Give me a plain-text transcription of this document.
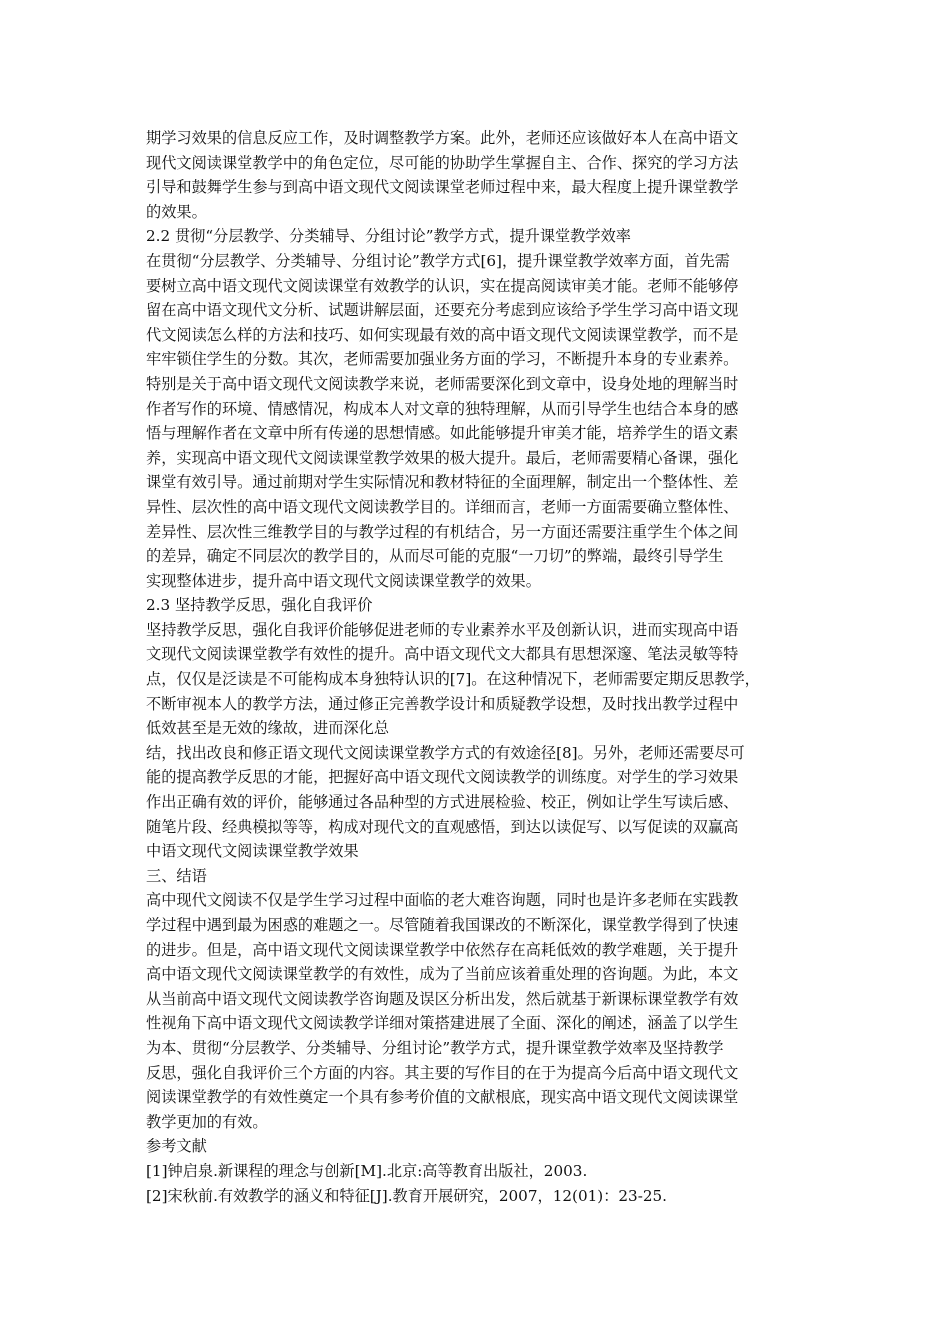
期学习效果的信息反应工作，及时调整教学方案。此外，老师还应该做好本人在高中语文
现代文阅读课堂教学中的角色定位，尽可能的协助学生掌握自主、合作、探究的学习方法
引导和鼓舞学生参与到高中语文现代文阅读课堂老师过程中来，最大程度上提升课堂教学
的效果。
2.2 贯彻“分层教学、分类辅导、分组讨论”教学方式，提升课堂教学效率
在贯彻“分层教学、分类辅导、分组讨论”教学方式[6]，提升课堂教学效率方面，首先需
要树立高中语文现代文阅读课堂有效教学的认识，实在提高阅读审美才能。老师不能够停
留在高中语文现代文分析、试题讲解层面，还要充分考虑到应该给予学生学习高中语文现
代文阅读怎么样的方法和技巧、如何实现最有效的高中语文现代文阅读课堂教学，而不是
牢牢锁住学生的分数。其次，老师需要加强业务方面的学习，不断提升本身的专业素养。
特别是关于高中语文现代文阅读教学来说，老师需要深化到文章中，设身处地的理解当时
作者写作的环境、情感情况，构成本人对文章的独特理解，从而引导学生也结合本身的感
悟与理解作者在文章中所有传递的思想情感。如此能够提升审美才能，培养学生的语文素
养，实现高中语文现代文阅读课堂教学效果的极大提升。最后，老师需要精心备课，强化
课堂有效引导。通过前期对学生实际情况和教材特征的全面理解，制定出一个整体性、差
异性、层次性的高中语文现代文阅读教学目的。详细而言，老师一方面需要确立整体性、
差异性、层次性三维教学目的与教学过程的有机结合，另一方面还需要注重学生个体之间
的差异，确定不同层次的教学目的，从而尽可能的克服“一刀切”的弊端，最终引导学生
实现整体进步，提升高中语文现代文阅读课堂教学的效果。
2.3 坚持教学反思，强化自我评价
坚持教学反思，强化自我评价能够促进老师的专业素养水平及创新认识，进而实现高中语
文现代文阅读课堂教学有效性的提升。高中语文现代文大都具有思想深邃、笔法灵敏等特
点，仅仅是泛读是不可能构成本身独特认识的[7]。在这种情况下，老师需要定期反思教学，
不断审视本人的教学方法，通过修正完善教学设计和质疑教学设想，及时找出教学过程中
低效甚至是无效的缘故，进而深化总
结，找出改良和修正语文现代文阅读课堂教学方式的有效途径[8]。另外，老师还需要尽可
能的提高教学反思的才能，把握好高中语文现代文阅读教学的训练度。对学生的学习效果
作出正确有效的评价，能够通过各品种型的方式进展检验、校正，例如让学生写读后感、
随笔片段、经典模拟等等，构成对现代文的直观感悟，到达以读促写、以写促读的双赢高
中语文现代文阅读课堂教学效果
三、结语
高中现代文阅读不仅是学生学习过程中面临的老大难咨询题，同时也是许多老师在实践教
学过程中遇到最为困惑的难题之一。尽管随着我国课改的不断深化，课堂教学得到了快速
的进步。但是，高中语文现代文阅读课堂教学中依然存在高耗低效的教学难题，关于提升
高中语文现代文阅读课堂教学的有效性，成为了当前应该着重处理的咨询题。为此，本文
从当前高中语文现代文阅读教学咨询题及误区分析出发，然后就基于新课标课堂教学有效
性视角下高中语文现代文阅读教学详细对策搭建进展了全面、深化的阐述，涵盖了以学生
为本、贯彻“分层教学、分类辅导、分组讨论”教学方式，提升课堂教学效率及坚持教学
反思，强化自我评价三个方面的内容。其主要的写作目的在于为提高今后高中语文现代文
阅读课堂教学的有效性奠定一个具有参考价值的文献根底，现实高中语文现代文阅读课堂
教学更加的有效。
参考文献
[1]钟启泉.新课程的理念与创新[M].北京:高等教育出版社，2003.
[2]宋秋前.有效教学的涵义和特征[J].教育开展研究，2007，12(01)：23-25.
